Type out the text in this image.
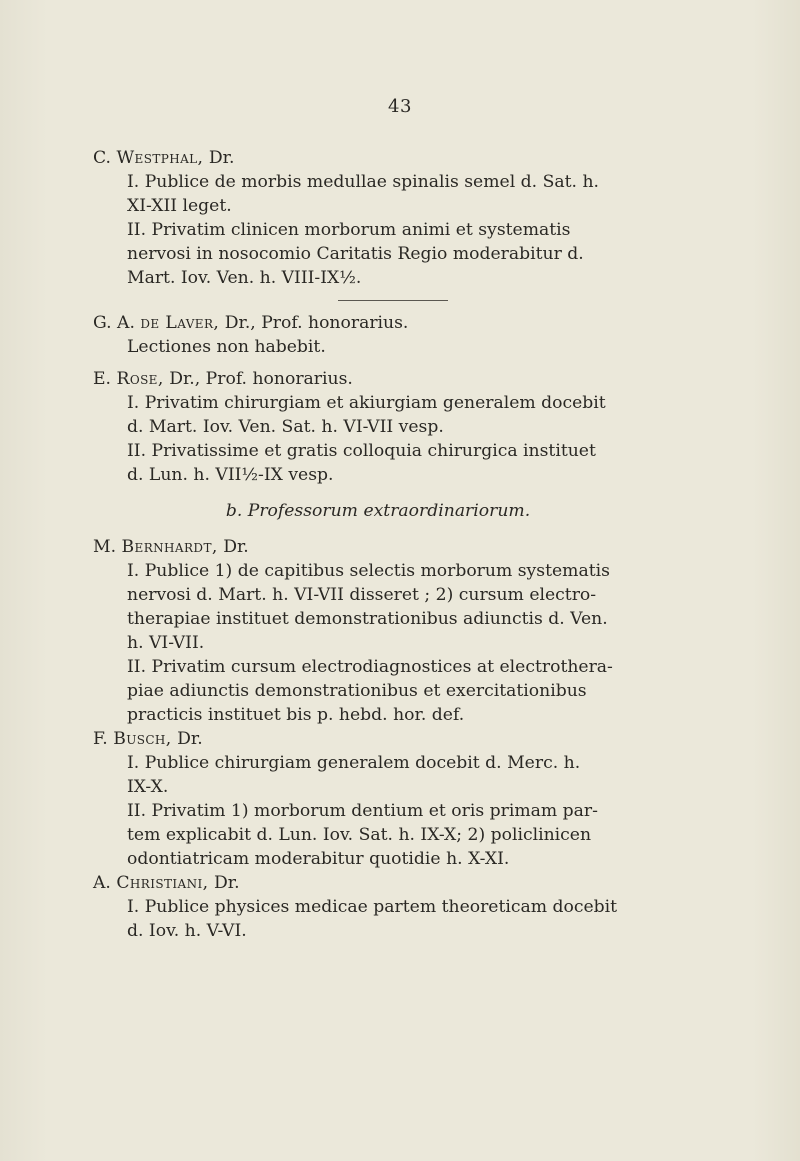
43
C. Westphal, Dr.
I. Publice de morbis medullae spinalis semel d. Sat. h.
XI-XII leget.
II. Privatim clinicen morborum animi et systematis
nervosi in nosocomio Caritatis Regio moderabitur d.
Mart. Iov. Ven. h. VIII-IX½.
G. A. de Laver, Dr., Prof. honorarius.
Lectiones non habebit.
E. Rose, Dr., Prof. honorarius.
I. Privatim chirurgiam et akiurgiam generalem docebit
d. Mart. Iov. Ven. Sat. h. VI-VII vesp.
II. Privatissime et gratis colloquia chirurgica instituet
d. Lun. h. VII½-IX vesp.
b. Professorum extraordinariorum.
M. Bernhardt, Dr.
I. Publice 1) de capitibus selectis morborum systematis
nervosi d. Mart. h. VI-VII disseret ; 2) cursum electro-
therapiae instituet demonstrationibus adiunctis d. Ven.
h. VI-VII.
II. Privatim cursum electrodiagnostices at electrothera-
piae adiunctis demonstrationibus et exercitationibus
practicis instituet bis p. hebd. hor. def.
F. Busch, Dr.
I. Publice chirurgiam generalem docebit d. Merc. h.
IX-X.
II. Privatim 1) morborum dentium et oris primam par-
tem explicabit d. Lun. Iov. Sat. h. IX-X; 2) policlinicen
odontiatricam moderabitur quotidie h. X-XI.
A. Christiani, Dr.
I. Publice physices medicae partem theoreticam docebit
d. Iov. h. V-VI.
